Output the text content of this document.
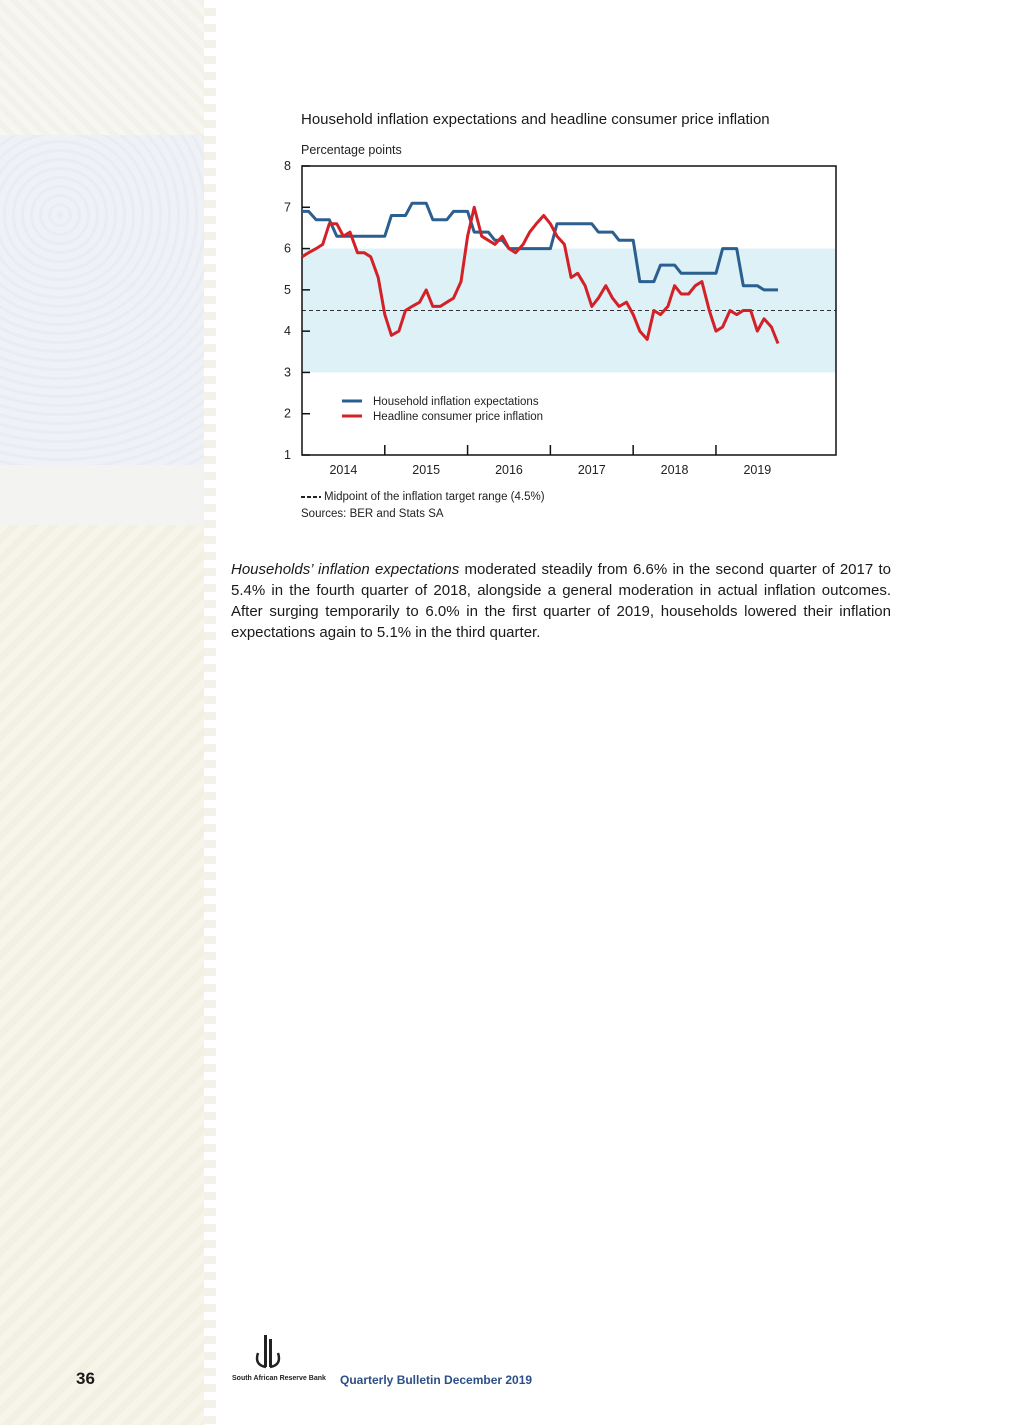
Household inflation expectations and headline consumer price inflation
Percentage points
1
2
3
4
5
6
7
8
2014	2015	2016	2017	2018	2019
Household inflation expectations
Headline consumer price inflation
Midpoint of the inflation target range (4.5%)
Sources: BER and Stats SA
Households’ inflation expectations moderated steadily from 6.6% in the second quarter of 2017 to 5.4% in the fourth quarter of 2018, alongside a general moderation in actual inflation outcomes. After surging temporarily to 6.0% in the first quarter of 2019, households lowered their inflation expectations again to 5.1% in the third quarter.
36	South African Reserve Bank Quarterly Bulletin December 2019
